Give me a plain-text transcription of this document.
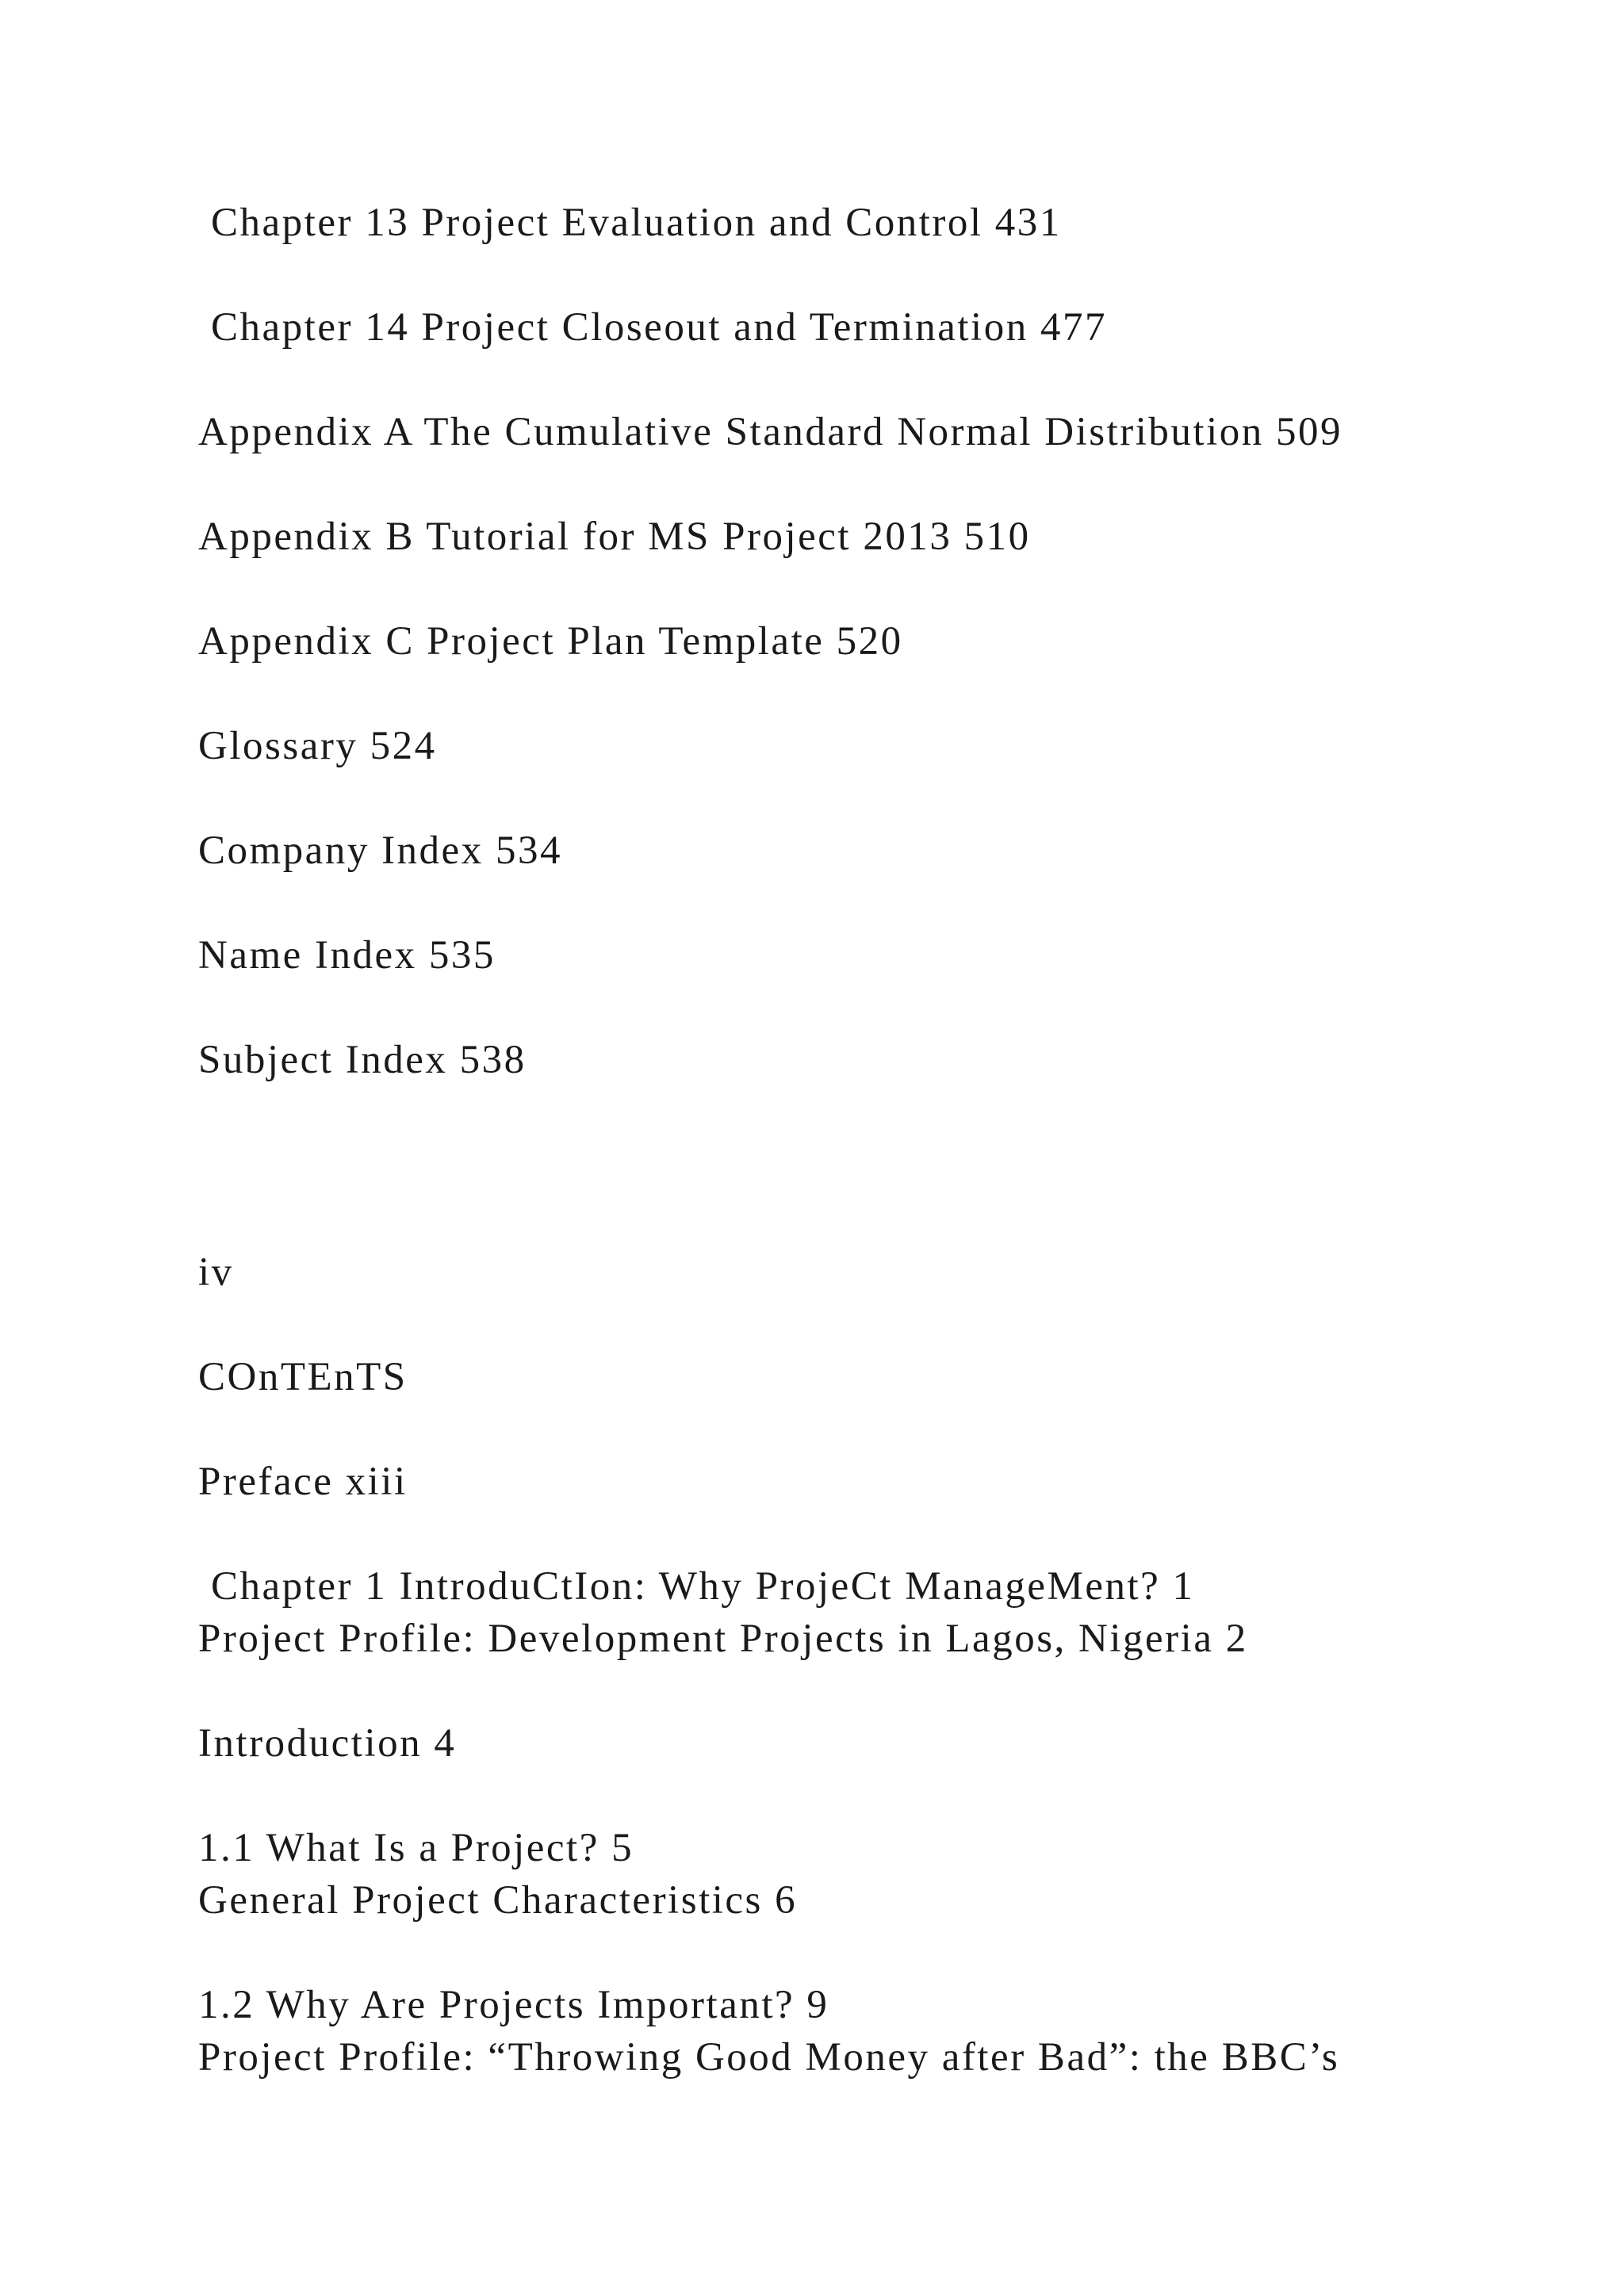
Chapter 13 Project Evaluation and Control 431
Chapter 14 Project Closeout and Termination 477
Appendix A The Cumulative Standard Normal Distribution 509
Appendix B Tutorial for MS Project 2013 510
Appendix C Project Plan Template 520
Glossary 524
Company Index 534
Name Index 535
Subject Index 538
iv
COnTEnTS
Preface xiii
Chapter 1 IntroduCtIon: Why ProjeCt ManageMent? 1
Project Profile: Development Projects in Lagos, Nigeria 2
Introduction 4
1.1 What Is a Project? 5
General Project Characteristics 6
1.2 Why Are Projects Important? 9
Project Profile: “Throwing Good Money after Bad”: the BBC’s
